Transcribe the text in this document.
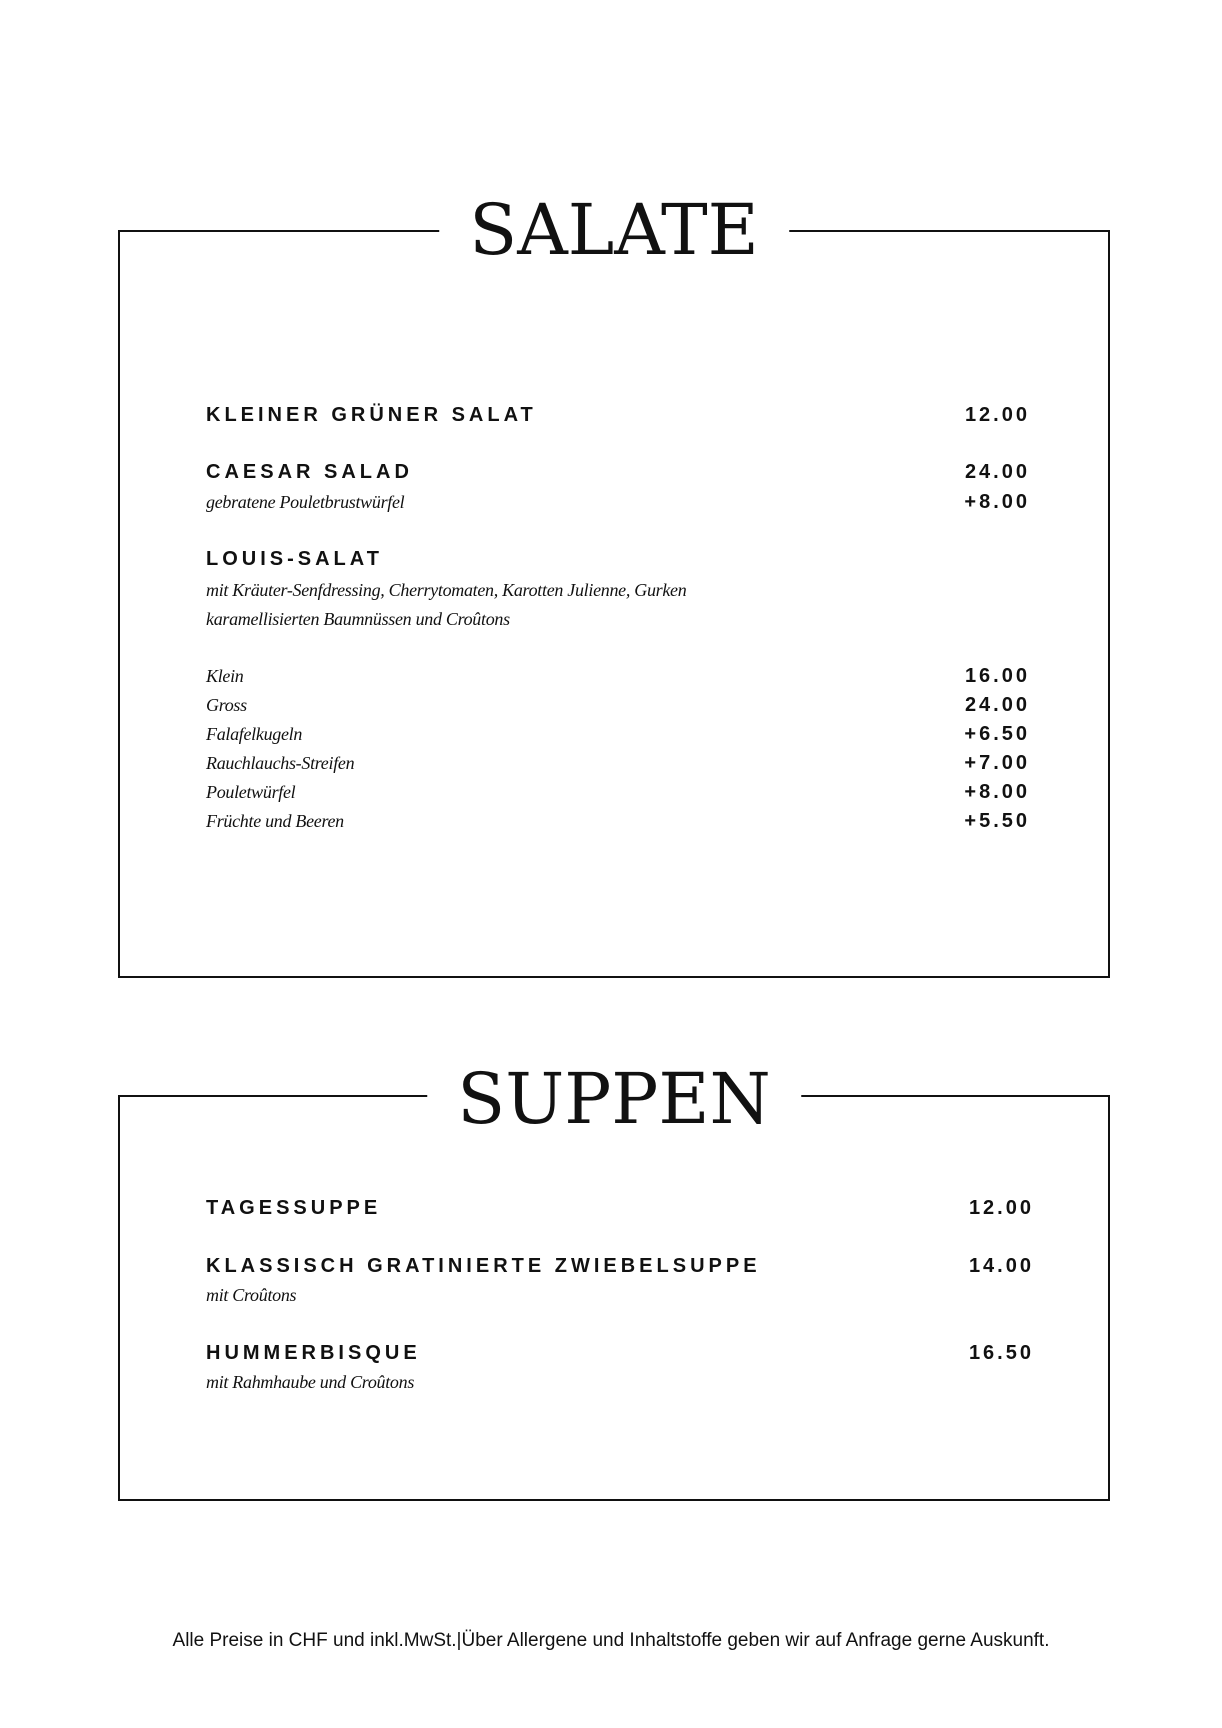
SALATE
KLEINER GRÜNER SALAT	12.00
CAESAR SALAD	24.00
gebratene Pouletbrustwürfel	+8.00
LOUIS-SALAT
mit Kräuter-Senfdressing, Cherrytomaten, Karotten Julienne, Gurken
karamellisierten Baumnüssen und Croûtons
Klein	16.00
Gross	24.00
Falafelkugeln	+6.50
Rauchlauchs-Streifen	+7.00
Pouletwürfel	+8.00
Früchte und Beeren	+5.50
SUPPEN
TAGESSUPPE	12.00
KLASSISCH GRATINIERTE ZWIEBELSUPPE	14.00
mit Croûtons
HUMMERBISQUE	16.50
mit Rahmhaube und Croûtons
Alle Preise in CHF und inkl.MwSt.|Über Allergene und Inhaltstoffe geben wir auf Anfrage gerne Auskunft.
